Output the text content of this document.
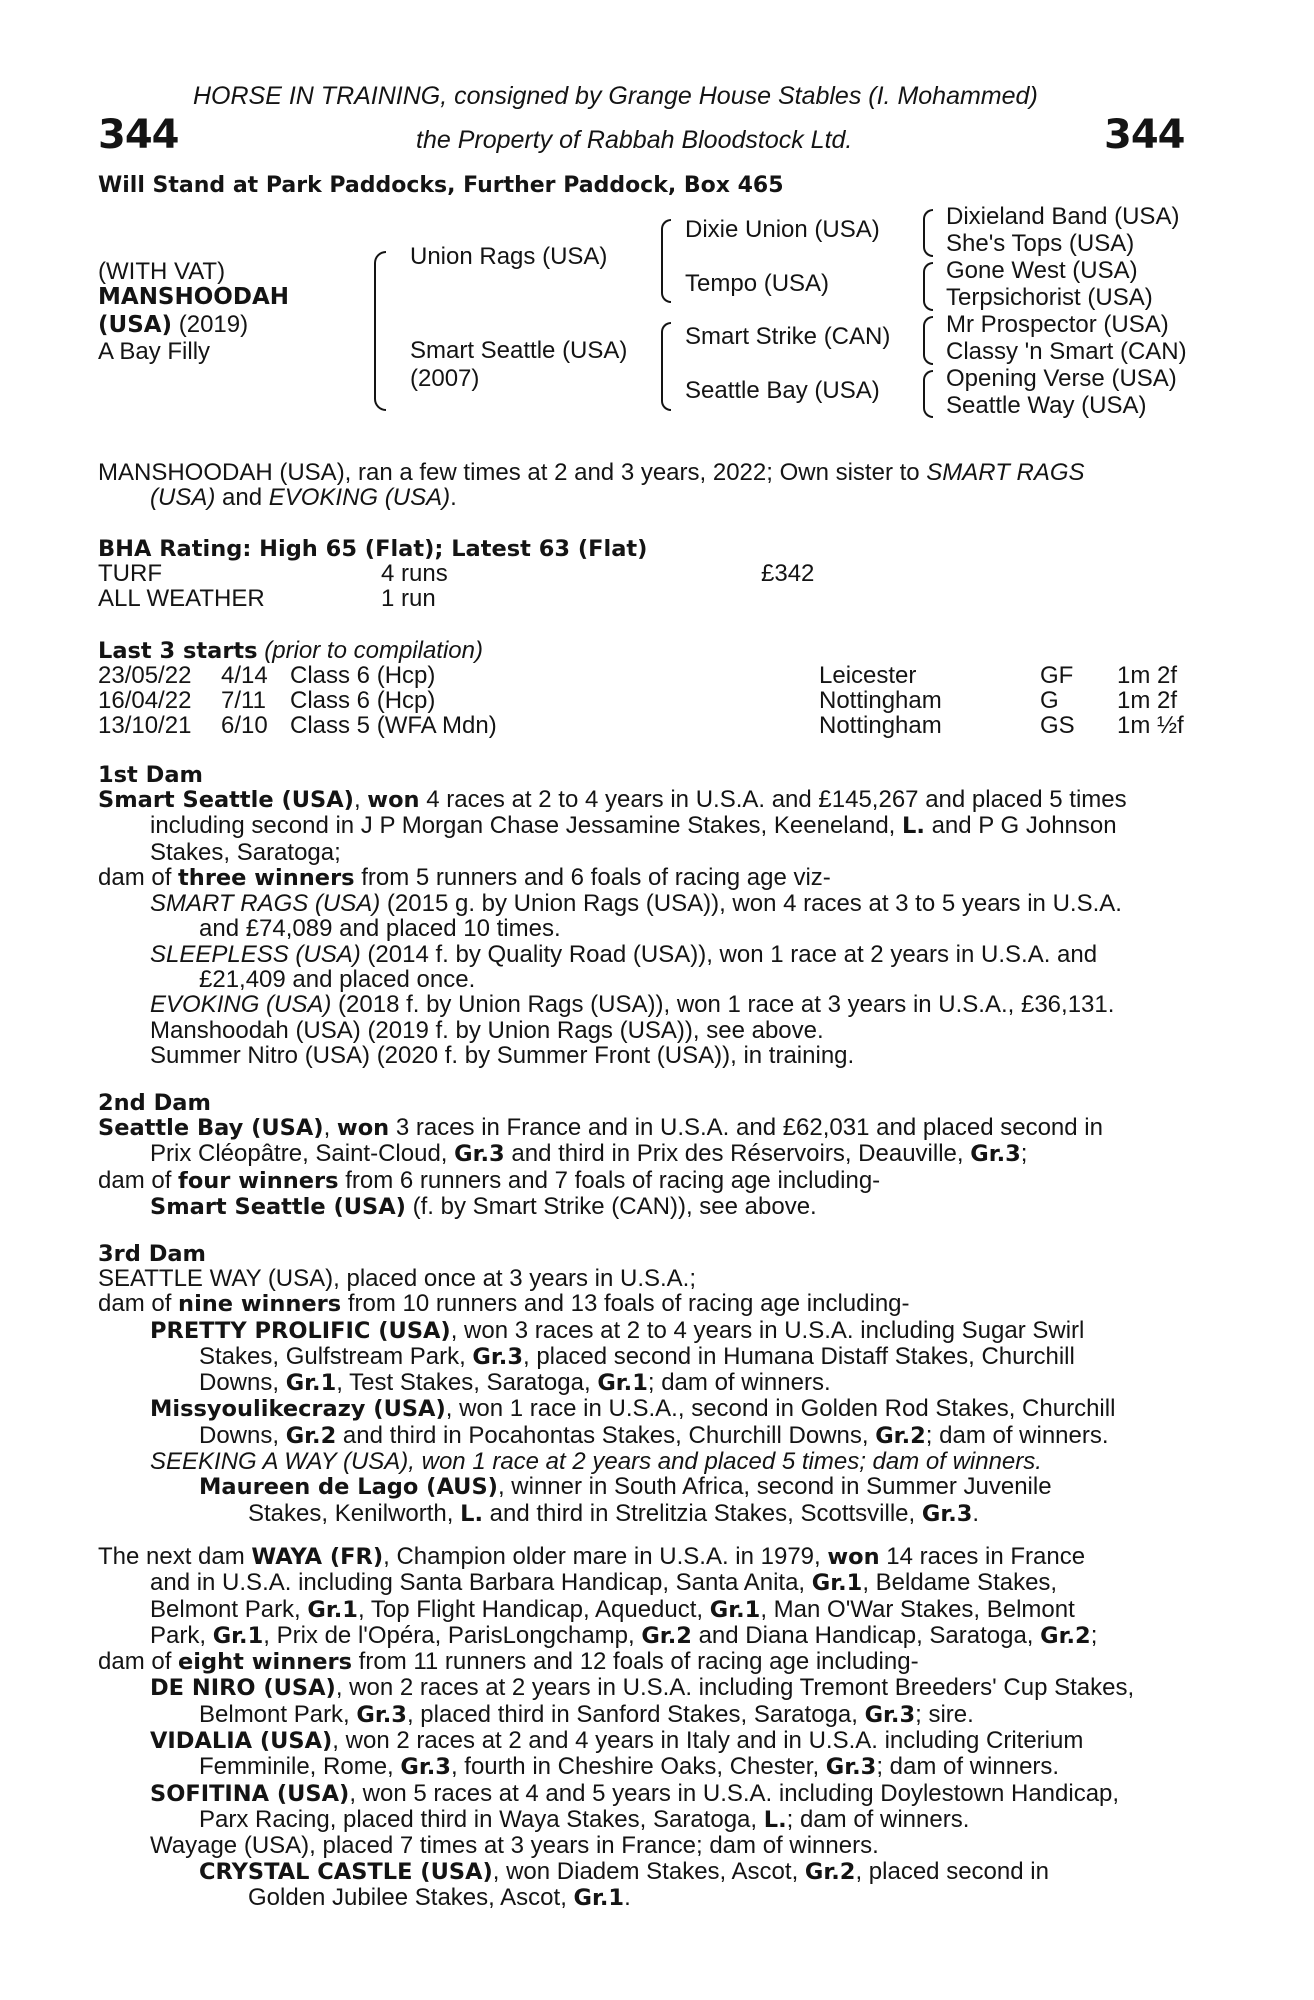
HORSE IN TRAINING, consigned by Grange House Stables (I. Mohammed)
344	the Property of Rabbah Bloodstock Ltd.	344
Will Stand at Park Paddocks, Further Paddock, Box 465
(WITH VAT)
MANSHOODAH
(USA) (2019)
A Bay Filly
Union Rags (USA)
Smart Seattle (USA)
(2007)
Dixie Union (USA)
Tempo (USA)
Smart Strike (CAN)
Seattle Bay (USA)
Dixieland Band (USA)
She's Tops (USA)
Gone West (USA)
Terpsichorist (USA)
Mr Prospector (USA)
Classy 'n Smart (CAN)
Opening Verse (USA)
Seattle Way (USA)
MANSHOODAH (USA), ran a few times at 2 and 3 years, 2022; Own sister to SMART RAGS
(USA) and EVOKING (USA).
BHA Rating: High 65 (Flat); Latest 63 (Flat)
TURF	4 runs	£342
ALL WEATHER	1 run
Last 3 starts (prior to compilation)
23/05/22 4/14 Class 6 (Hcp)	Leicester	GF 1m 2f
16/04/22 7/11 Class 6 (Hcp)	Nottingham	G 1m 2f
13/10/21 6/10 Class 5 (WFA Mdn)	Nottingham	GS 1m ½f
1st Dam
Smart Seattle (USA), won 4 races at 2 to 4 years in U.S.A. and £145,267 and placed 5 times
including second in J P Morgan Chase Jessamine Stakes, Keeneland, L. and P G Johnson
Stakes, Saratoga;
dam of three winners from 5 runners and 6 foals of racing age viz-
SMART RAGS (USA) (2015 g. by Union Rags (USA)), won 4 races at 3 to 5 years in U.S.A.
and £74,089 and placed 10 times.
SLEEPLESS (USA) (2014 f. by Quality Road (USA)), won 1 race at 2 years in U.S.A. and
£21,409 and placed once.
EVOKING (USA) (2018 f. by Union Rags (USA)), won 1 race at 3 years in U.S.A., £36,131.
Manshoodah (USA) (2019 f. by Union Rags (USA)), see above.
Summer Nitro (USA) (2020 f. by Summer Front (USA)), in training.
2nd Dam
Seattle Bay (USA), won 3 races in France and in U.S.A. and £62,031 and placed second in
Prix Cléopâtre, Saint-Cloud, Gr.3 and third in Prix des Réservoirs, Deauville, Gr.3;
dam of four winners from 6 runners and 7 foals of racing age including-
Smart Seattle (USA) (f. by Smart Strike (CAN)), see above.
3rd Dam
SEATTLE WAY (USA), placed once at 3 years in U.S.A.;
dam of nine winners from 10 runners and 13 foals of racing age including-
PRETTY PROLIFIC (USA), won 3 races at 2 to 4 years in U.S.A. including Sugar Swirl
Stakes, Gulfstream Park, Gr.3, placed second in Humana Distaff Stakes, Churchill
Downs, Gr.1, Test Stakes, Saratoga, Gr.1; dam of winners.
Missyoulikecrazy (USA), won 1 race in U.S.A., second in Golden Rod Stakes, Churchill
Downs, Gr.2 and third in Pocahontas Stakes, Churchill Downs, Gr.2; dam of winners.
SEEKING A WAY (USA), won 1 race at 2 years and placed 5 times; dam of winners.
Maureen de Lago (AUS), winner in South Africa, second in Summer Juvenile
Stakes, Kenilworth, L. and third in Strelitzia Stakes, Scottsville, Gr.3.
The next dam WAYA (FR), Champion older mare in U.S.A. in 1979, won 14 races in France
and in U.S.A. including Santa Barbara Handicap, Santa Anita, Gr.1, Beldame Stakes,
Belmont Park, Gr.1, Top Flight Handicap, Aqueduct, Gr.1, Man O'War Stakes, Belmont
Park, Gr.1, Prix de l'Opéra, ParisLongchamp, Gr.2 and Diana Handicap, Saratoga, Gr.2;
dam of eight winners from 11 runners and 12 foals of racing age including-
DE NIRO (USA), won 2 races at 2 years in U.S.A. including Tremont Breeders' Cup Stakes,
Belmont Park, Gr.3, placed third in Sanford Stakes, Saratoga, Gr.3; sire.
VIDALIA (USA), won 2 races at 2 and 4 years in Italy and in U.S.A. including Criterium
Femminile, Rome, Gr.3, fourth in Cheshire Oaks, Chester, Gr.3; dam of winners.
SOFITINA (USA), won 5 races at 4 and 5 years in U.S.A. including Doylestown Handicap,
Parx Racing, placed third in Waya Stakes, Saratoga, L.; dam of winners.
Wayage (USA), placed 7 times at 3 years in France; dam of winners.
CRYSTAL CASTLE (USA), won Diadem Stakes, Ascot, Gr.2, placed second in
Golden Jubilee Stakes, Ascot, Gr.1.
